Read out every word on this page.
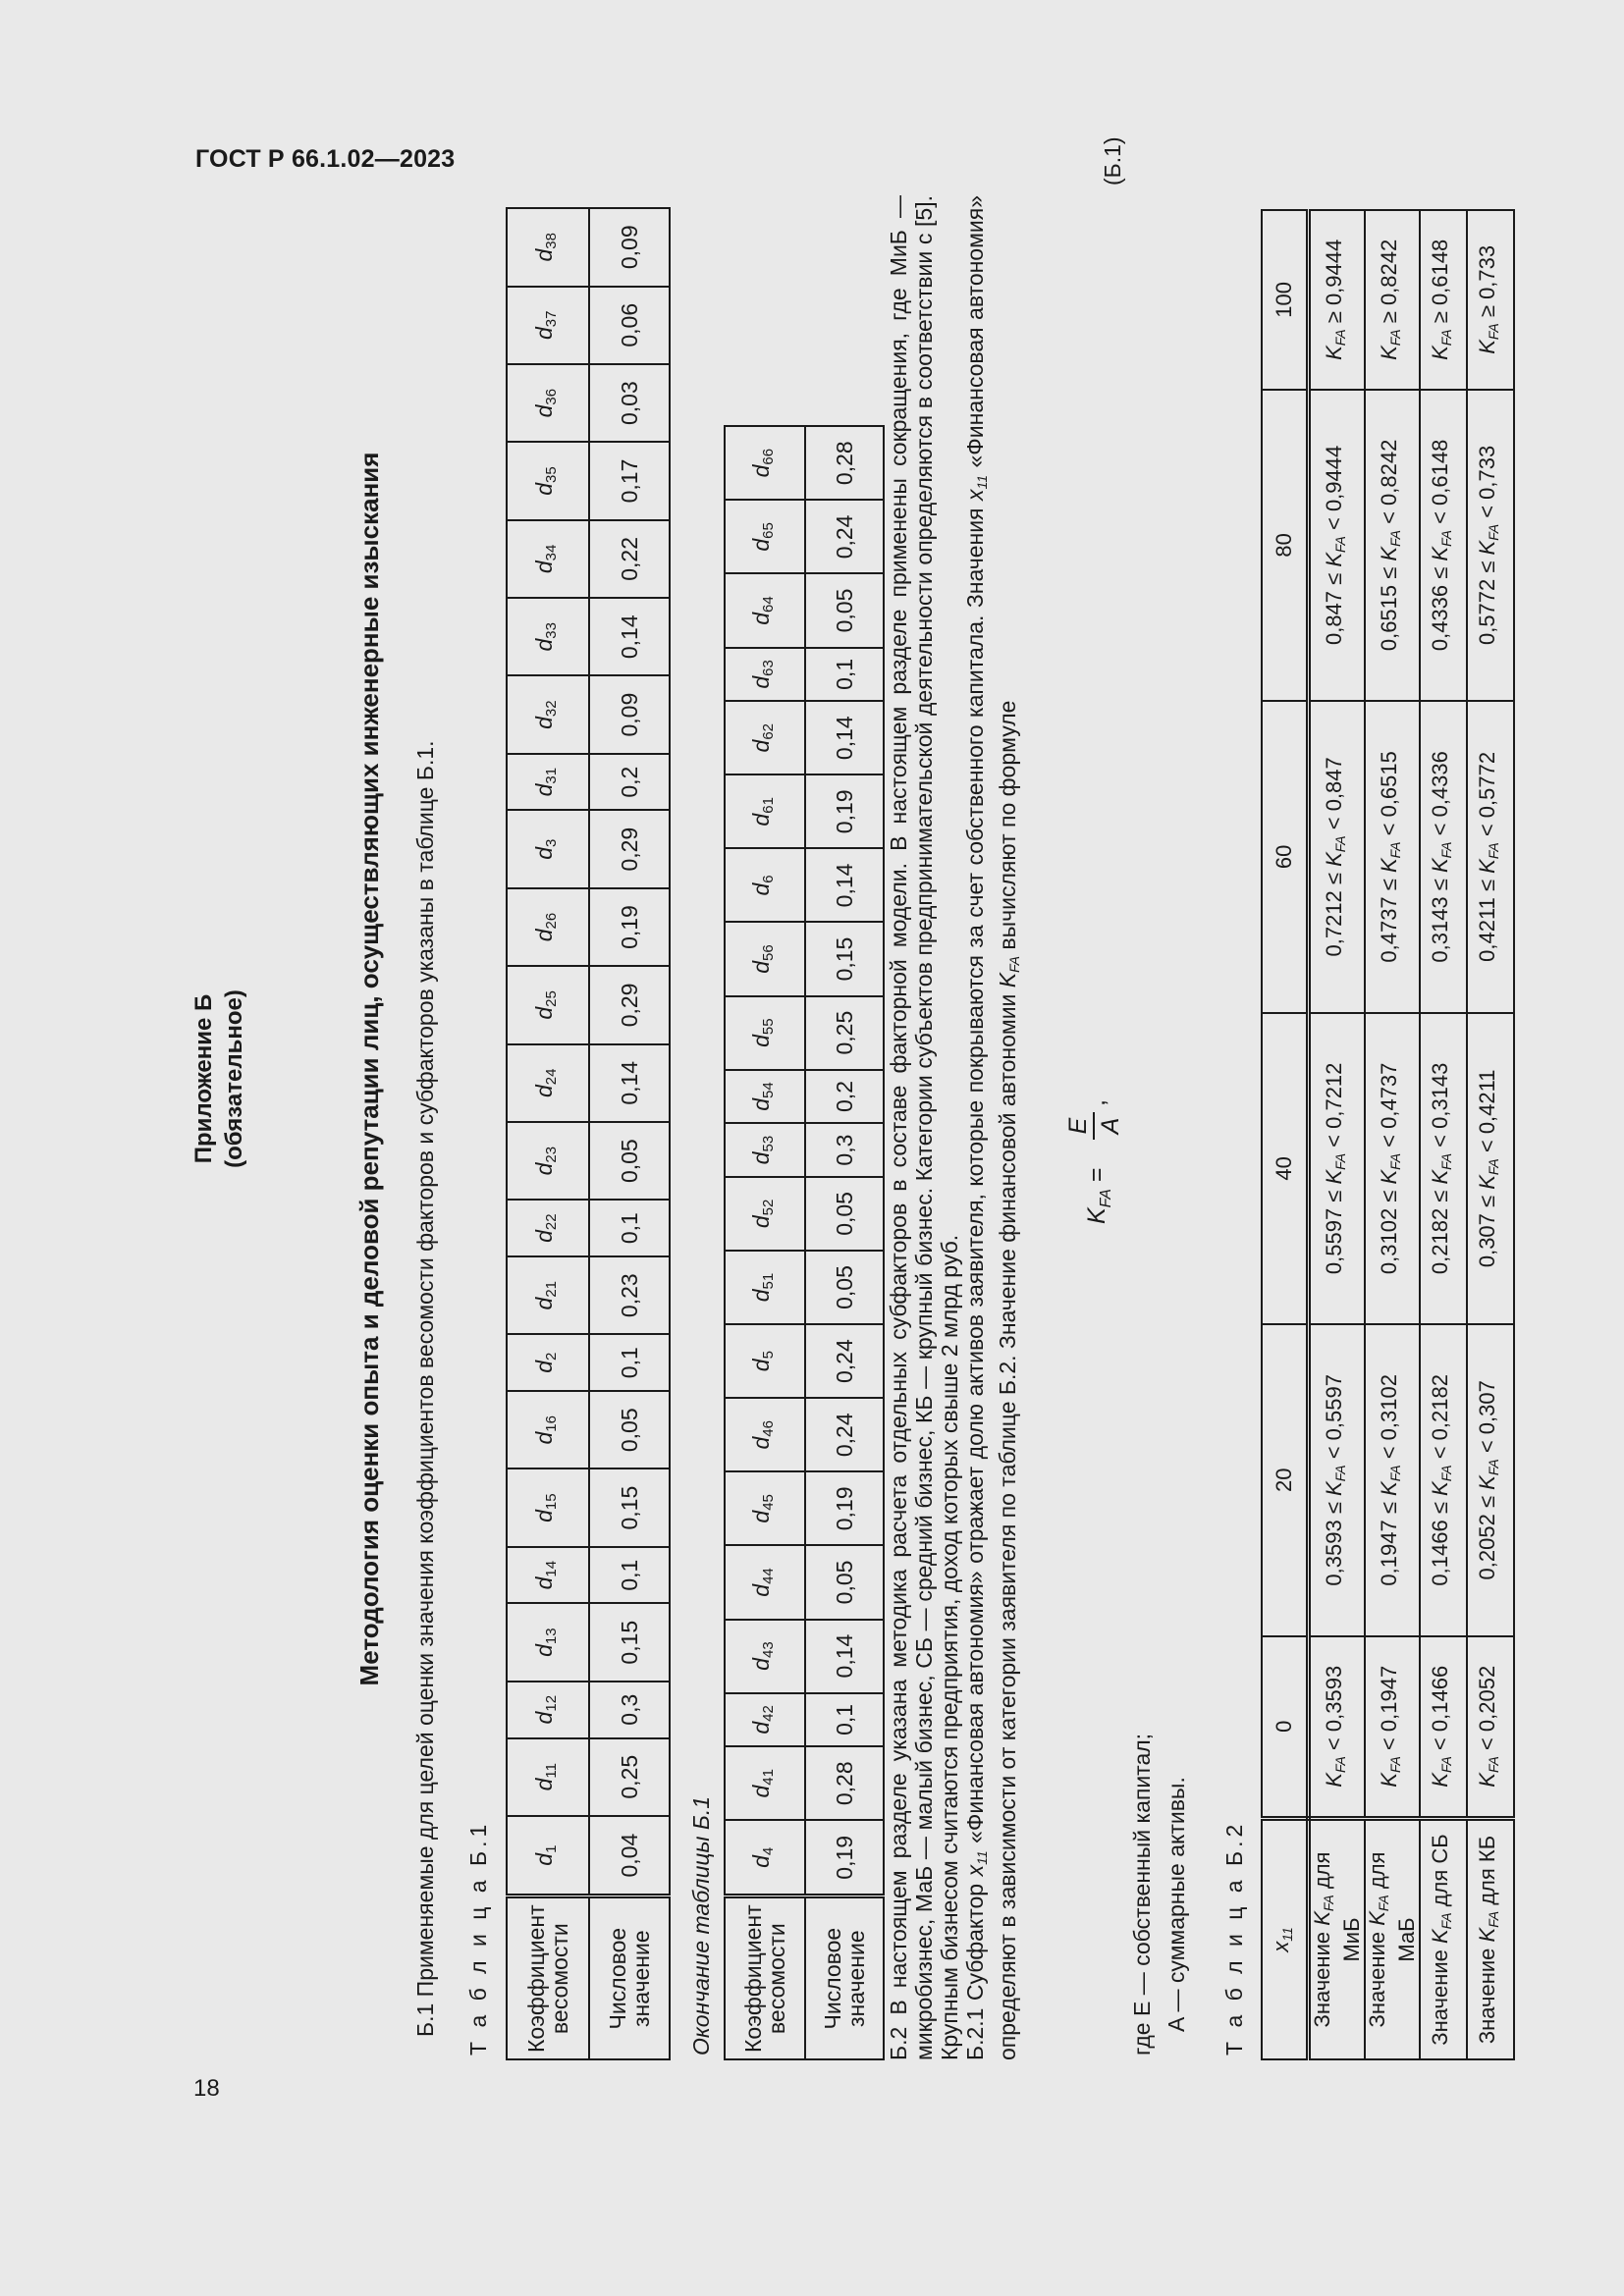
ГОСТ Р 66.1.02—2023
18
Приложение Б (обязательное)	Методология оценки опыта и деловой репутации лиц, осуществляющих инженерные изыскания Б.1 Применяемые для целей оценки значения коэффициентов весомости факторов и субфакторов указаны в таблице Б.1. Т а б л и ц а Б.1 Коэффициент весомости	$d_1$	$d_{11}$	$d_{12}$	$d_{13}$	$d_{14}$	$d_{15}$	$d_{16}$	$d_2$	$d_{21}$	$d_{22}$	$d_{23}$	$d_{24}$	$d_{25}$	$d_{26}$	$d_3$	$d_{31}$	$d_{32}$	$d_{33}$	$d_{34}$	$d_{35}$	$d_{36}$	$d_{37}$	$d_{38}$
Числовое значение	0,04	0,25	0,3	0,15	0,1	0,15	0,05	0,1	0,23	0,1	0,05	0,14	0,29	0,19	0,29	0,2	0,09	0,14	0,22	0,17	0,03	0,06	0,09
Окончание таблицы Б.1 Коэффициент весомости	$d_4$	$d_{41}$	$d_{42}$	$d_{43}$	$d_{44}$	$d_{45}$	$d_{46}$	$d_5$	$d_{51}$	$d_{52}$	$d_{53}$	$d_{54}$	$d_{55}$	$d_{56}$	$d_6$	$d_{61}$	$d_{62}$	$d_{63}$	$d_{64}$	$d_{65}$	$d_{66}$
Числовое значение	0,19	0,28	0,1	0,14	0,05	0,19	0,24	0,24	0,05	0,05	0,3	0,2	0,25	0,15	0,14	0,19	0,14	0,1	0,05	0,24	0,28 Б.2 В настоящем разделе указана методика расчета отдельных субфакторов в составе факторной модели. В настоящем разделе применены сокращения, где МиБ — микробизнес, МаБ — малый бизнес, СБ — средний бизнес, КБ — крупный бизнес. Категории субъектов предпринимательской деятельности определяются в соответствии с [5]. Крупным бизнесом считаются предприятия, доход которых свыше 2 млрд руб. Б.2.1 Субфактор $x_{11}$ «Финансовая автономия» отражает долю активов заявителя, которые покрываются за счет собственного капитала. Значения $x_{11}$ «Финансовая автономия» определяют в зависимости от категории заявителя по таблице Б.2. Значение финансовой автономии $K_{FA}$ вычисляют по формуле
$K_{FA}$ =
E A
,
(Б.1)
где E — собственный капитал; A — суммарные активы. Т а б л и ц а Б.2 $x_{11}$	0	20	40	60	80	100
Значение $K_{FA}$ для МиБ	$K_{FA} < 0,3593$	$0,3593 \le K_{FA} < 0,5597$	$0,5597 \le K_{FA} < 0,7212$	$0,7212 \le K_{FA} < 0,847$	$0,847 \le K_{FA} < 0,9444$	$K_{FA} \ge 0,9444$
Значение $K_{FA}$ для МаБ	$K_{FA} < 0,1947$	$0,1947 \le K_{FA} < 0,3102$	$0,3102 \le K_{FA} < 0,4737$	$0,4737 \le K_{FA} < 0,6515$	$0,6515 \le K_{FA} < 0,8242$	$K_{FA} \ge 0,8242$
Значение $K_{FA}$ для СБ	$K_{FA} < 0,1466$	$0,1466 \le K_{FA} < 0,2182$	$0,2182 \le K_{FA} < 0,3143$	$0,3143 \le K_{FA} < 0,4336$	$0,4336 \le K_{FA} < 0,6148$	$K_{FA} \ge 0,6148$
Значение $K_{FA}$ для КБ	$K_{FA} < 0,2052$	$0,2052 \le K_{FA} < 0,307$	$0,307 \le K_{FA} < 0,4211$	$0,4211 \le K_{FA} < 0,5772$	$0,5772 \le K_{FA} < 0,733$	$K_{FA} \ge 0,733$
